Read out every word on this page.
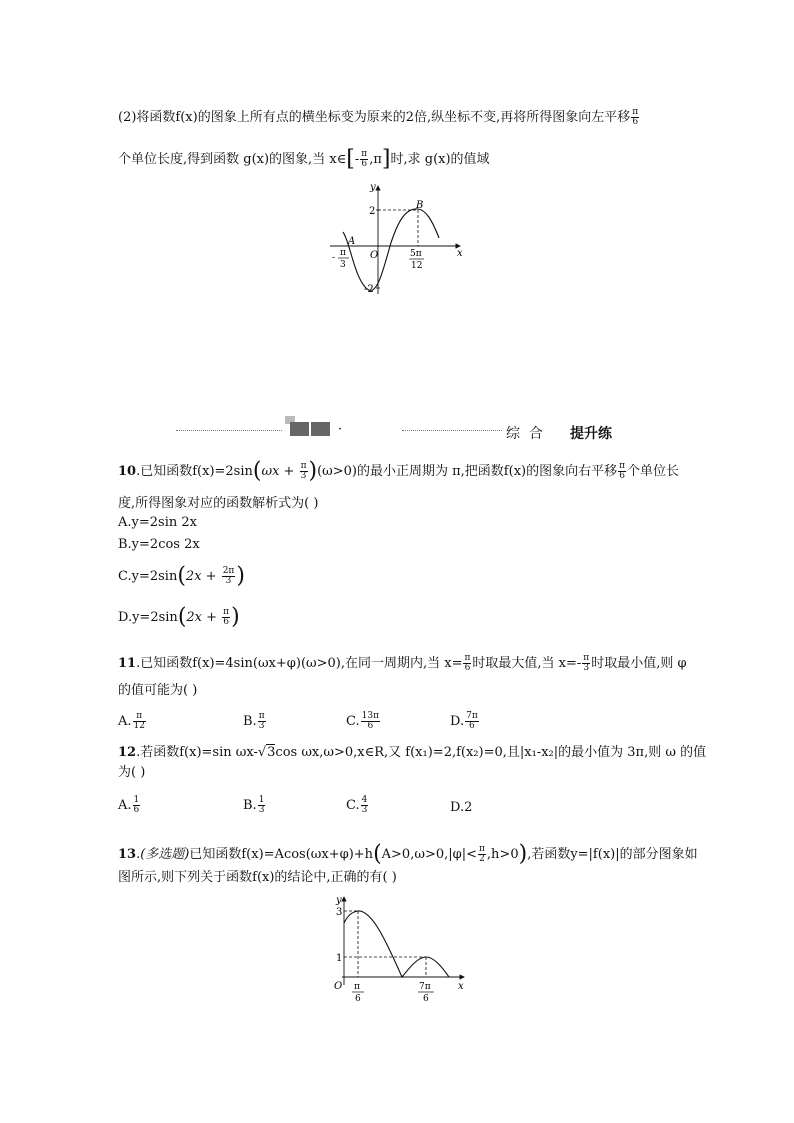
(2)将函数f(x)的图象上所有点的横坐标变为原来的2倍,纵坐标不变,再将所得图象向左平移 $\frac{\pi}{6}$
个单位长度,得到函数 g(x)的图象,当 x∈[- $\frac{\pi}{6} ,\pi$]时,求 g(x)的值域
y
x
O
A
B
2
-2
- π
3
5π
12
·	综  合 提升练
10.已知函数$f(x)=2\sin(\omega x + \frac{\pi}{3} )(\omega>0)$的最小正周期为 π,把函数f(x)的图象向右平移 $\frac{\pi}{6}$ 个单位长
度,所得图象对应的函数解析式为( )
A.y=2sin 2x
B.y=2cos 2x
$C.y=2\sin(2x + \frac{2\pi}{3}$ )
$D.y=2\sin(2x + \frac{\pi}{6}$ )
11.已知函数f(x)=4sin(ωx+φ)(ω>0),在同一周期内,当 $x= \frac{\pi}{6}$ 时取最大值,当 $x=- \frac{\pi}{3}$ 时取最小值,则 φ
的值可能为( )
A. $\frac{\pi}{12}$	B. $\frac{\pi}{3}$	C. $\frac{13\pi}{6}$	D. $\frac{7\pi}{6}$
12.若函数f(x)=sin ωx-√3cos ωx,ω>0,x∈R,又 f(x₁)=2,f(x₂)=0,且|x₁-x₂|的最小值为 3π,则 ω 的值
为( )
A. $\frac{1}{6}$	B. $\frac{1}{3}$	C. $\frac{4}{3}$	D.2
13.(多选题)已知函数$f(x)=Acos(\omega x+\varphi)+h(A>0,\omega>0,|\varphi|< \frac{\pi}{2} ,h>0)$,若函数y=|f(x)|的部分图象如
图所示,则下列关于函数f(x)的结论中,正确的有( )
y
x
O
3
1
π
6
7π
6
